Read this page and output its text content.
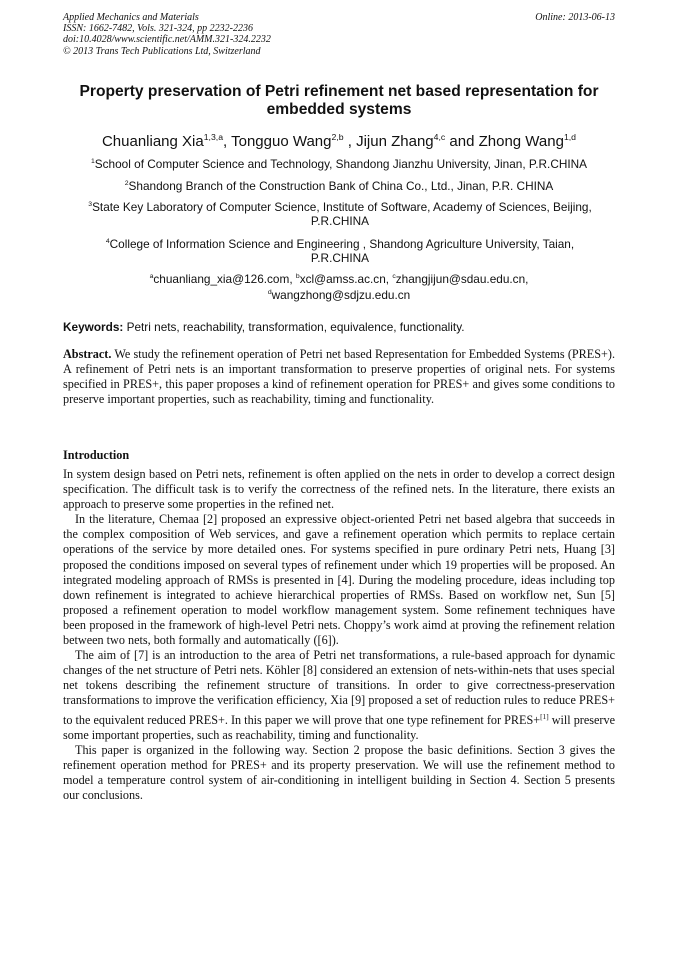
Applied Mechanics and Materials
ISSN: 1662-7482, Vols. 321-324, pp 2232-2236
doi:10.4028/www.scientific.net/AMM.321-324.2232
© 2013 Trans Tech Publications Ltd, Switzerland
Online: 2013-06-13
Property preservation of Petri refinement net based representation for embedded systems
Chuanliang Xia$^{1,3,a}$, Tongguo Wang$^{2,b}$ , Jijun Zhang$^{4,c}$ and Zhong Wang$^{1,d}$
$^1$School of Computer Science and Technology, Shandong Jianzhu University, Jinan, P.R.CHINA
$^2$Shandong Branch of the Construction Bank of China Co., Ltd., Jinan, P.R. CHINA
$^3$State Key Laboratory of Computer Science, Institute of Software, Academy of Sciences, Beijing, P.R.CHINA
$^4$College of Information Science and Engineering , Shandong Agriculture University, Taian, P.R.CHINA
$^a$chuanliang_xia@126.com, $^b$xcl@amss.ac.cn, $^c$zhangjijun@sdau.edu.cn,
$^d$wangzhong@sdjzu.edu.cn
Keywords: Petri nets, reachability, transformation, equivalence, functionality.
Abstract. We study the refinement operation of Petri net based Representation for Embedded Systems (PRES+). A refinement of Petri nets is an important transformation to preserve properties of original nets. For systems specified in PRES+, this paper proposes a kind of refinement operation for PRES+ and gives some conditions to preserve important properties, such as reachability, timing and functionality.
Introduction

In system design based on Petri nets, refinement is often applied on the nets in order to develop a correct design specification. The difficult task is to verify the correctness of the refined nets. In the literature, there exists an approach to preserve some properties in the refined net.

In the literature, Chemaa [2] proposed an expressive object-oriented Petri net based algebra that succeeds in the complex composition of Web services, and gave a refinement operation which permits to replace certain operations of the service by more detailed ones. For systems specified in pure ordinary Petri nets, Huang [3] proposed the conditions imposed on several types of refinement under which 19 properties will be proposed. An integrated modeling approach of RMSs is presented in [4]. During the modeling procedure, ideas including top down refinement is integrated to achieve hierarchical properties of RMSs. Based on workflow net, Sun [5] proposed a refinement operation to model workflow management system. Some refinement techniques have been proposed in the framework of high-level Petri nets. Choppy’s work aimd at proving the refinement relation between two nets, both formally and automatically ([6]).

The aim of [7] is an introduction to the area of Petri net transformations, a rule-based approach for dynamic changes of the net structure of Petri nets. Köhler [8] considered an extension of nets-within-nets that uses special net tokens describing the refinement structure of transitions. In order to give correctness-preservation transformations to improve the verification efficiency, Xia [9] proposed a set of reduction rules to reduce PRES+ to the equivalent reduced PRES+. In this paper we will prove that one type refinement for PRES+[1] will preserve some important properties, such as reachability, timing and functionality.

This paper is organized in the following way. Section 2 propose the basic definitions. Section 3 gives the refinement operation method for PRES+ and its property preservation. We will use the refinement method to model a temperature control system of air-conditioning in intelligent building in Section 4. Section 5 presents our conclusions.
